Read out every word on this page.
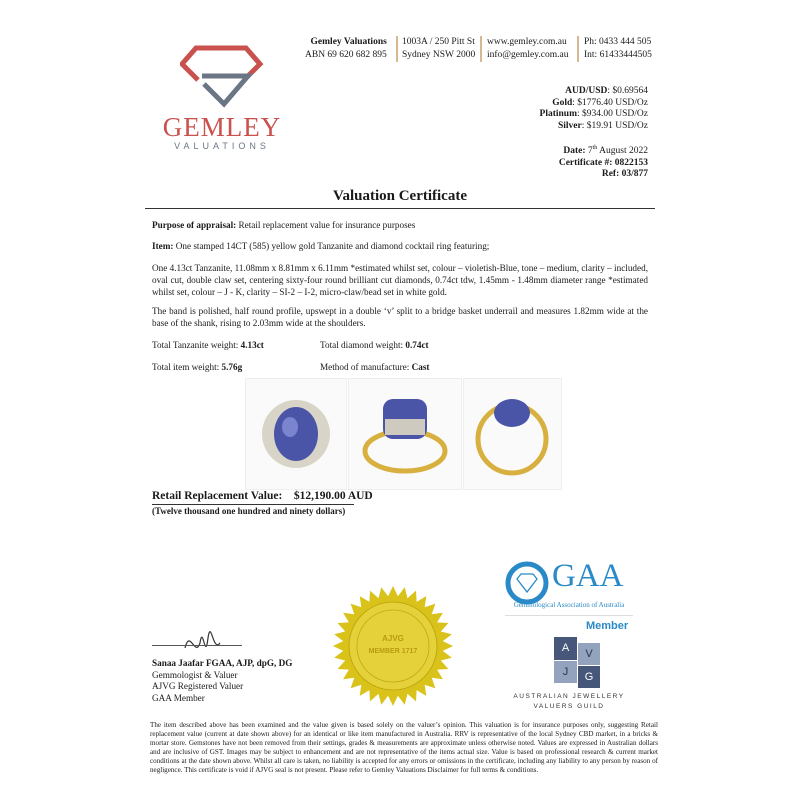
GEMLEY
VALUATIONS
Gemley Valuations
ABN 69 620 682 895
1003A / 250 Pitt St
Sydney NSW 2000
www.gemley.com.au
info@gemley.com.au
Ph: 0433 444 505
Int: 61433444505
AUD/USD: $0.69564
Gold: $1776.40 USD/Oz
Platinum: $934.00 USD/Oz
Silver: $19.91 USD/Oz
Date: 7th August 2022
Certificate #: 0822153
Ref: 03/877
Valuation Certificate
Purpose of appraisal: Retail replacement value for insurance purposes
Item: One stamped 14CT (585) yellow gold Tanzanite and diamond cocktail ring featuring;
One 4.13ct Tanzanite, 11.08mm x 8.81mm x 6.11mm *estimated whilst set, colour – violetish-Blue, tone – medium, clarity – included, oval cut, double claw set, centering sixty-four round brilliant cut diamonds, 0.74ct tdw, 1.45mm - 1.48mm diameter range *estimated whilst set, colour – J - K, clarity – SI-2 – I-2, micro-claw/bead set in white gold.
The band is polished, half round profile, upswept in a double ‘v’ split to a bridge basket underrail and measures 1.82mm wide at the base of the shank, rising to 2.03mm wide at the shoulders.
Total Tanzanite weight: 4.13ct	Total diamond weight: 0.74ct
Total item weight: 5.76g	Method of manufacture: Cast
Retail Replacement Value: $12,190.00 AUD
(Twelve thousand one hundred and ninety dollars)
Sanaa Jaafar FGAA, AJP, dpG, DG
Gemmologist & Valuer
AJVG Registered Valuer
GAA Member
AJVG
MEMBER 1717
GAA
Gemmological Association of Australia
Member
A	V
J	G
AUSTRALIAN JEWELLERY
VALUERS GUILD
The item described above has been examined and the value given is based solely on the valuer’s opinion. This valuation is for insurance purposes only, suggesting Retail replacement value (current at date shown above) for an identical or like item manufactured in Australia. RRV is representative of the local Sydney CBD market, in a bricks & mortar store. Gemstones have not been removed from their settings, grades & measurements are approximate unless otherwise noted. Values are expressed in Australian dollars and are inclusive of GST. Images may be subject to enhancement and are not representative of the items actual size. Value is based on professional research & current market conditions at the date shown above. Whilst all care is taken, no liability is accepted for any errors or omissions in the certificate, including any liability to any person by reason of negligence. This certificate is void if AJVG seal is not present. Please refer to Gemley Valuations Disclaimer for full terms & conditions.
